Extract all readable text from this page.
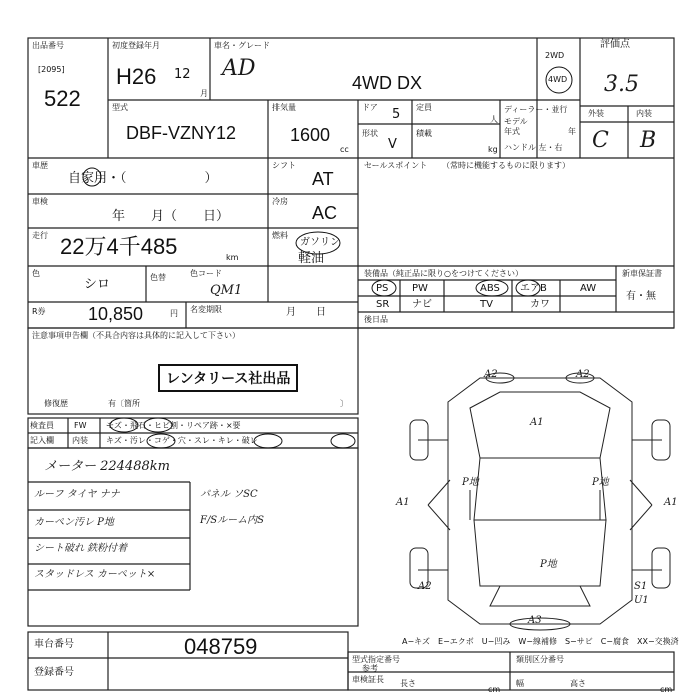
出品番号
[2095]
522
初度登録年月
H26 12
月
車名・グレード
AD
4WD DX
2WD
4WD
評価点
3.5
外装	内装
C B
型式
DBF-VZNY12
排気量
1600
cc
ドア 5
形状
V
定員
人
積載
kg
ディーラー・並行
モデル
年式	年
ハンドル 左・右
車歴
自家用・（　　　　　　）
シフト
AT
車検
年　　月（　　日）
冷房
AC
走行 22万4千485	km
燃料
ガソリン
軽油
色
シロ	色替	色コード
QM1
R券 10,850	円 名変期限	月　　日
セールスポイント （常時に機能するものに限ります）
装備品（純正品に限り○をつけてください）
PS PW	ABS エアB	AW
SR ナビ	TV	カワ
新車保証書
有・無
後日品
注意事項申告欄（不具合内容は具体的に記入して下さい）
レンタリース社出品
修復歴	有〔箇所	〕
検査員	FW モズ・飛石・ヒビ割・リペア跡・×要
記入欄 内装 キズ・汚レ・コゲ・穴・スレ・キレ・破レ
メーター 224488km
ルーフ タイヤ ナナ
カーペン汚レ P地
シート破れ 鉄粉付着
スタッドレス カーペット×
パネル ソSC
F/Sルーム内S
A2	A2
A1
A1	A1
P地	P地
P地
A2	S1
U1
A3
車台番号	048759
登録番号
A−キズ　E−エクボ　U−凹み　W−線補修　S−サビ　C−腐食　XX−交換済
型式指定番号
参考
類別区分番号
車検証長 長さ
cm
幅	高さ
cm
